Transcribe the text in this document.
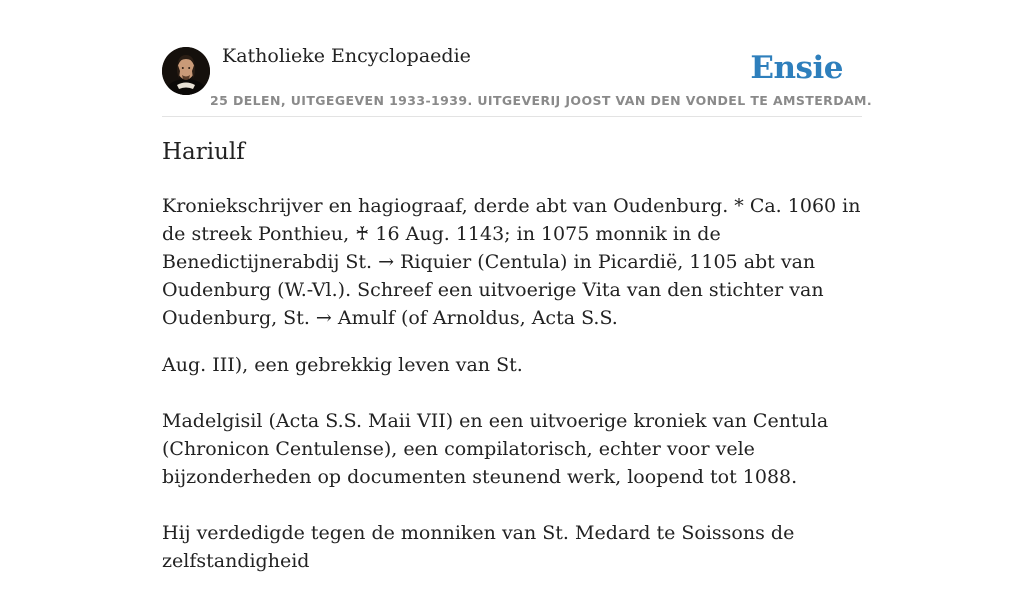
Katholieke Encyclopaedie
25 DELEN, UITGEGEVEN 1933-1939. UITGEVERIJ JOOST VAN DEN VONDEL TE AMSTERDAM.
Ensie
Hariulf

Kroniekschrijver en hagiograaf, derde abt van Oudenburg. * Ca. 1060 in de streek Ponthieu, ♰ 16 Aug. 1143; in 1075 monnik in de Benedictijnerabdij St. → Riquier (Centula) in Picardië, 1105 abt van Oudenburg (W.-Vl.). Schreef een uitvoerige Vita van den stichter van Oudenburg, St. → Amulf (of Arnoldus, Acta S.S.

Aug. III), een gebrekkig leven van St.

Madelgisil (Acta S.S. Maii VII) en een uitvoerige kroniek van Centula (Chronicon Centulense), een compilatorisch, echter voor vele bijzonderheden op documenten steunend werk, loopend tot 1088.

Hij verdedigde tegen de monniken van St. Medard te Soissons de zelfstandigheid
